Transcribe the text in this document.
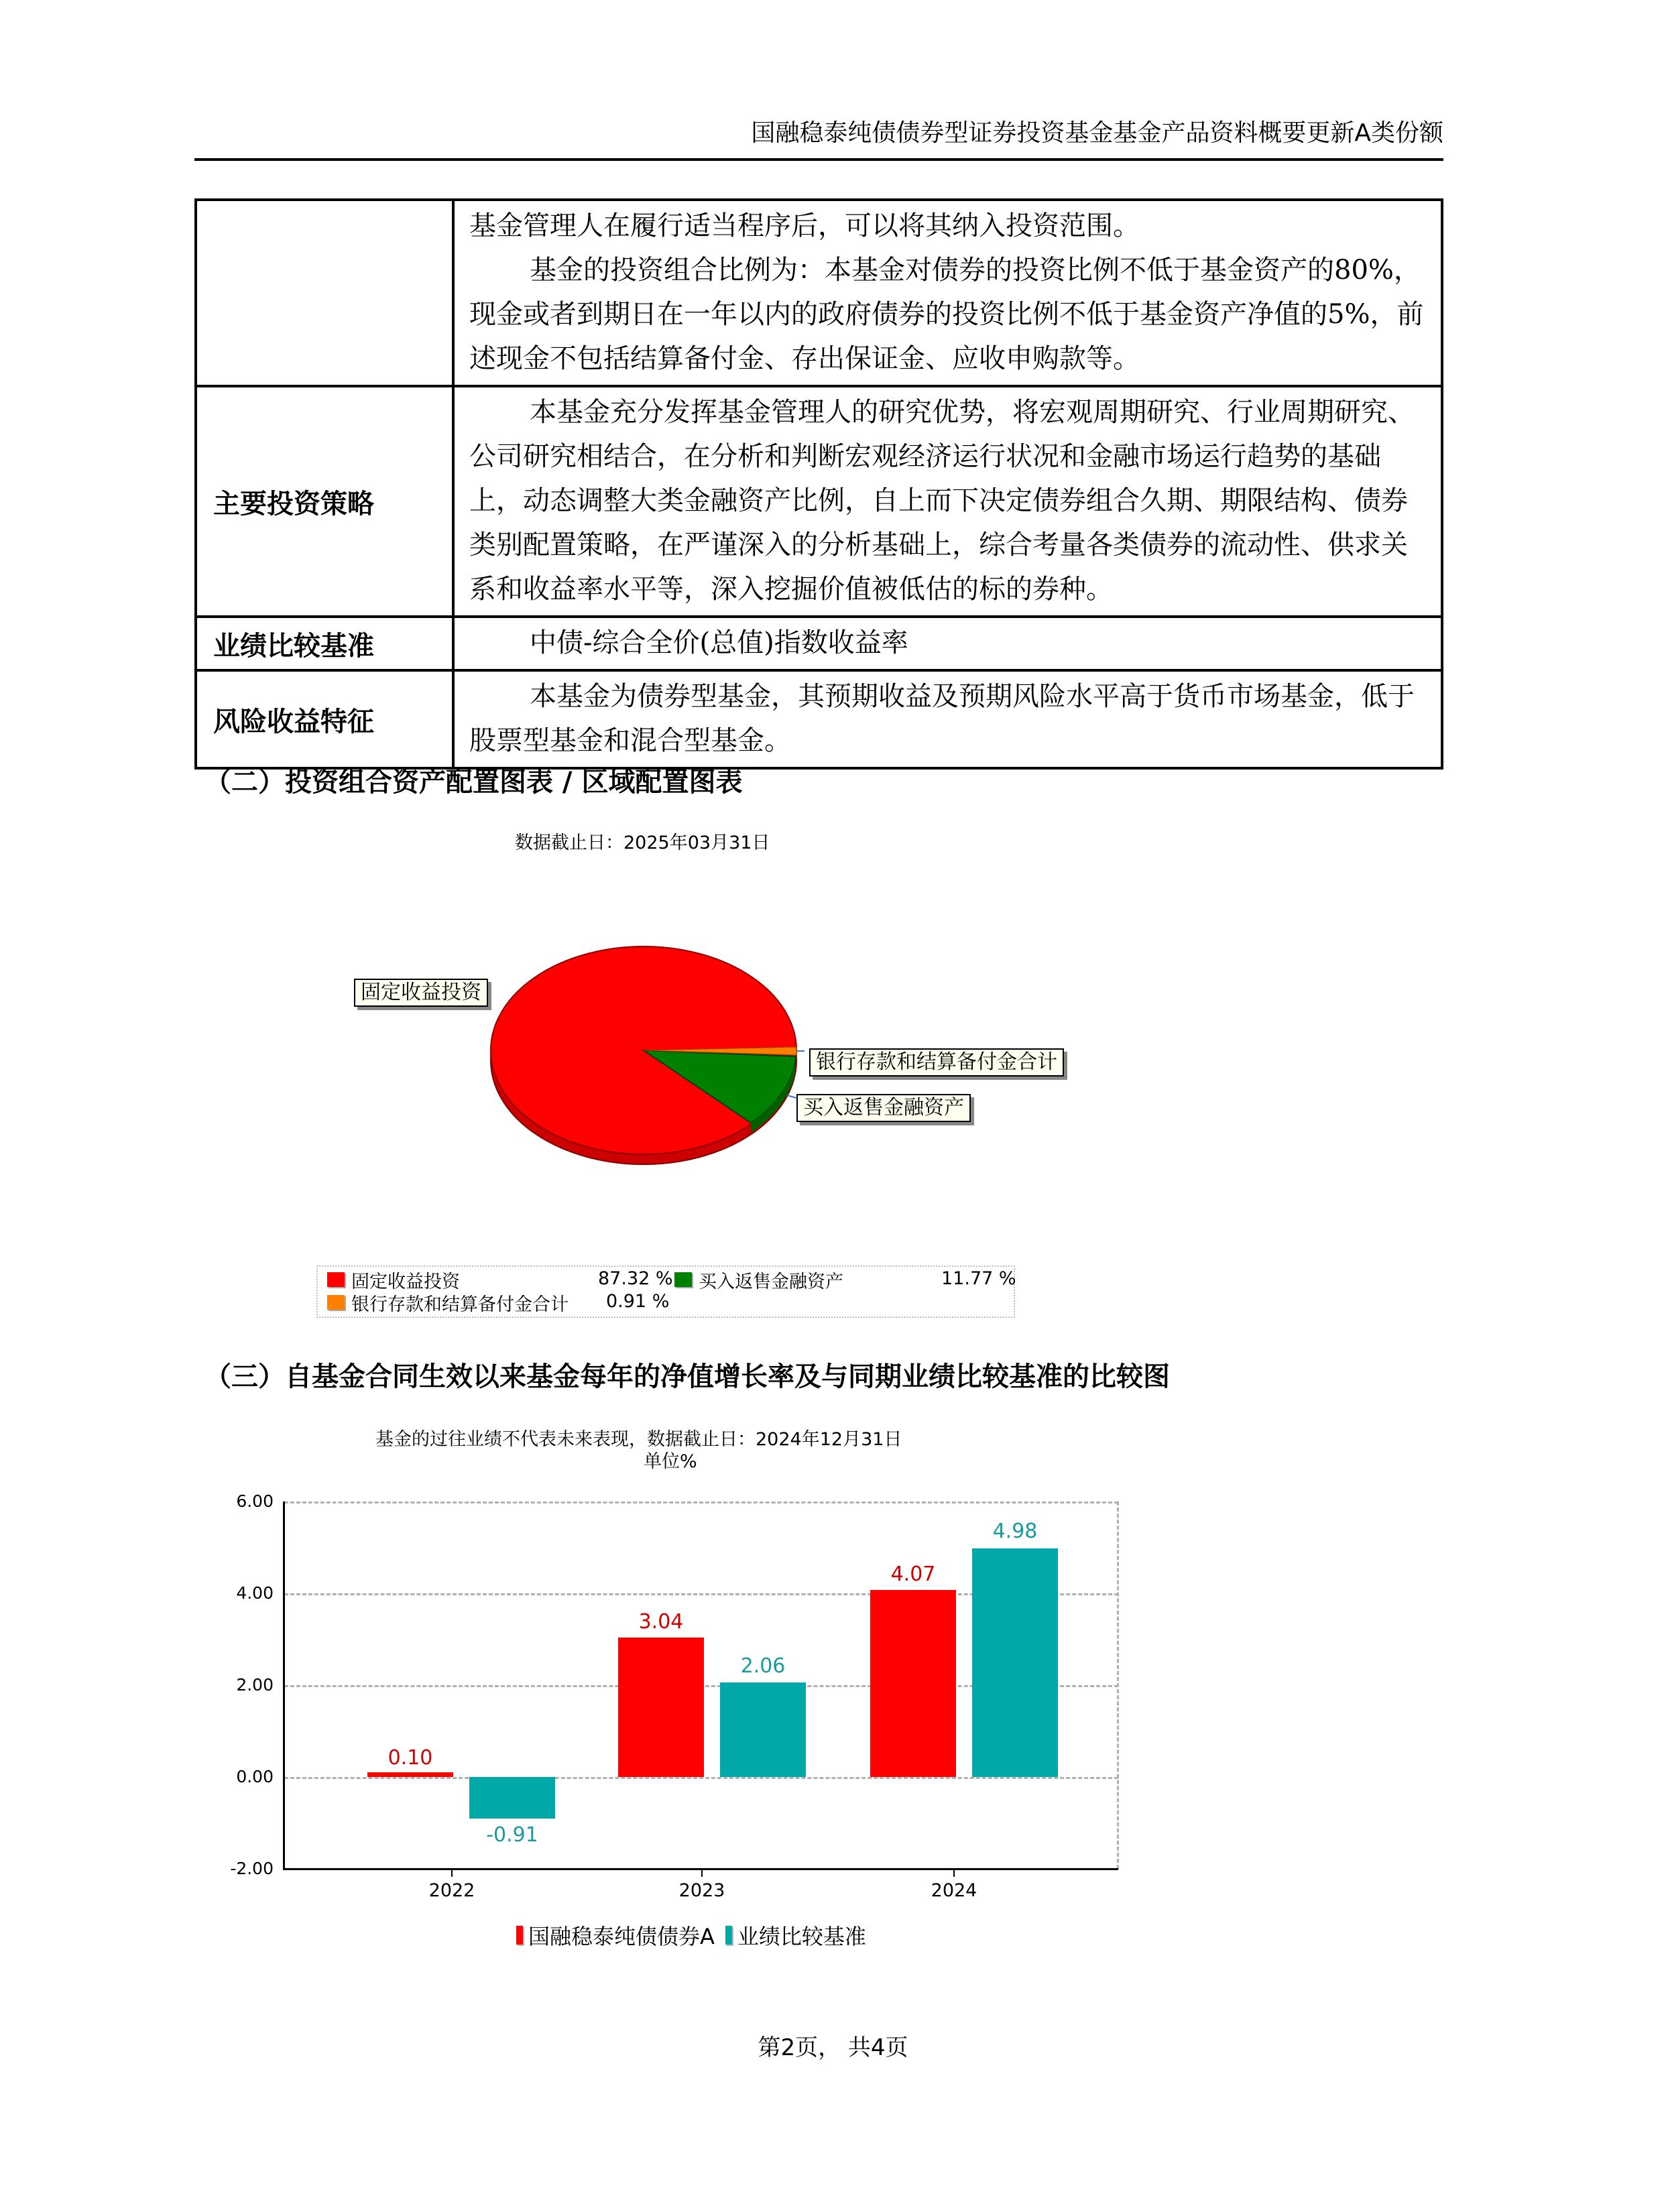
国融稳泰纯债债券型证券投资基金基金产品资料概要更新A类份额

	基金管理人在履行适当程序后，可以将其纳入投资范围。

基金的投资组合比例为：本基金对债券的投资比例不低于基金资产的80%，现金或者到期日在一年以内的政府债券的投资比例不低于基金资产净值的5%，前述现金不包括结算备付金、存出保证金、应收申购款等。

主要投资策略	本基金充分发挥基金管理人的研究优势，将宏观周期研究、行业周期研究、公司研究相结合，在分析和判断宏观经济运行状况和金融市场运行趋势的基础上，动态调整大类金融资产比例，自上而下决定债券组合久期、期限结构、债券类别配置策略，在严谨深入的分析基础上，综合考量各类债券的流动性、供求关系和收益率水平等，深入挖掘价值被低估的标的券种。

业绩比较基准	中债-综合全价(总值)指数收益率

风险收益特征	本基金为债券型基金，其预期收益及预期风险水平高于货币市场基金，低于股票型基金和混合型基金。

（二）投资组合资产配置图表 / 区域配置图表
数据截止日：2025年03月31日
固定收益投资
银行存款和结算备付金合计
买入返售金融资产
固定收益投资	87.32 % 买入返售金融资产	11.77 %
银行存款和结算备付金合计 0.91 %
（三）自基金合同生效以来基金每年的净值增长率及与同期业绩比较基准的比较图
基金的过往业绩不代表未来表现，数据截止日：2024年12月31日
单位%
6.00
4.00
2.00
0.00
-2.00
2022	2023	2024
0.10
-0.91
3.04
2.06
4.07
4.98
国融稳泰纯债债券A 业绩比较基准
第2页， 共4页
